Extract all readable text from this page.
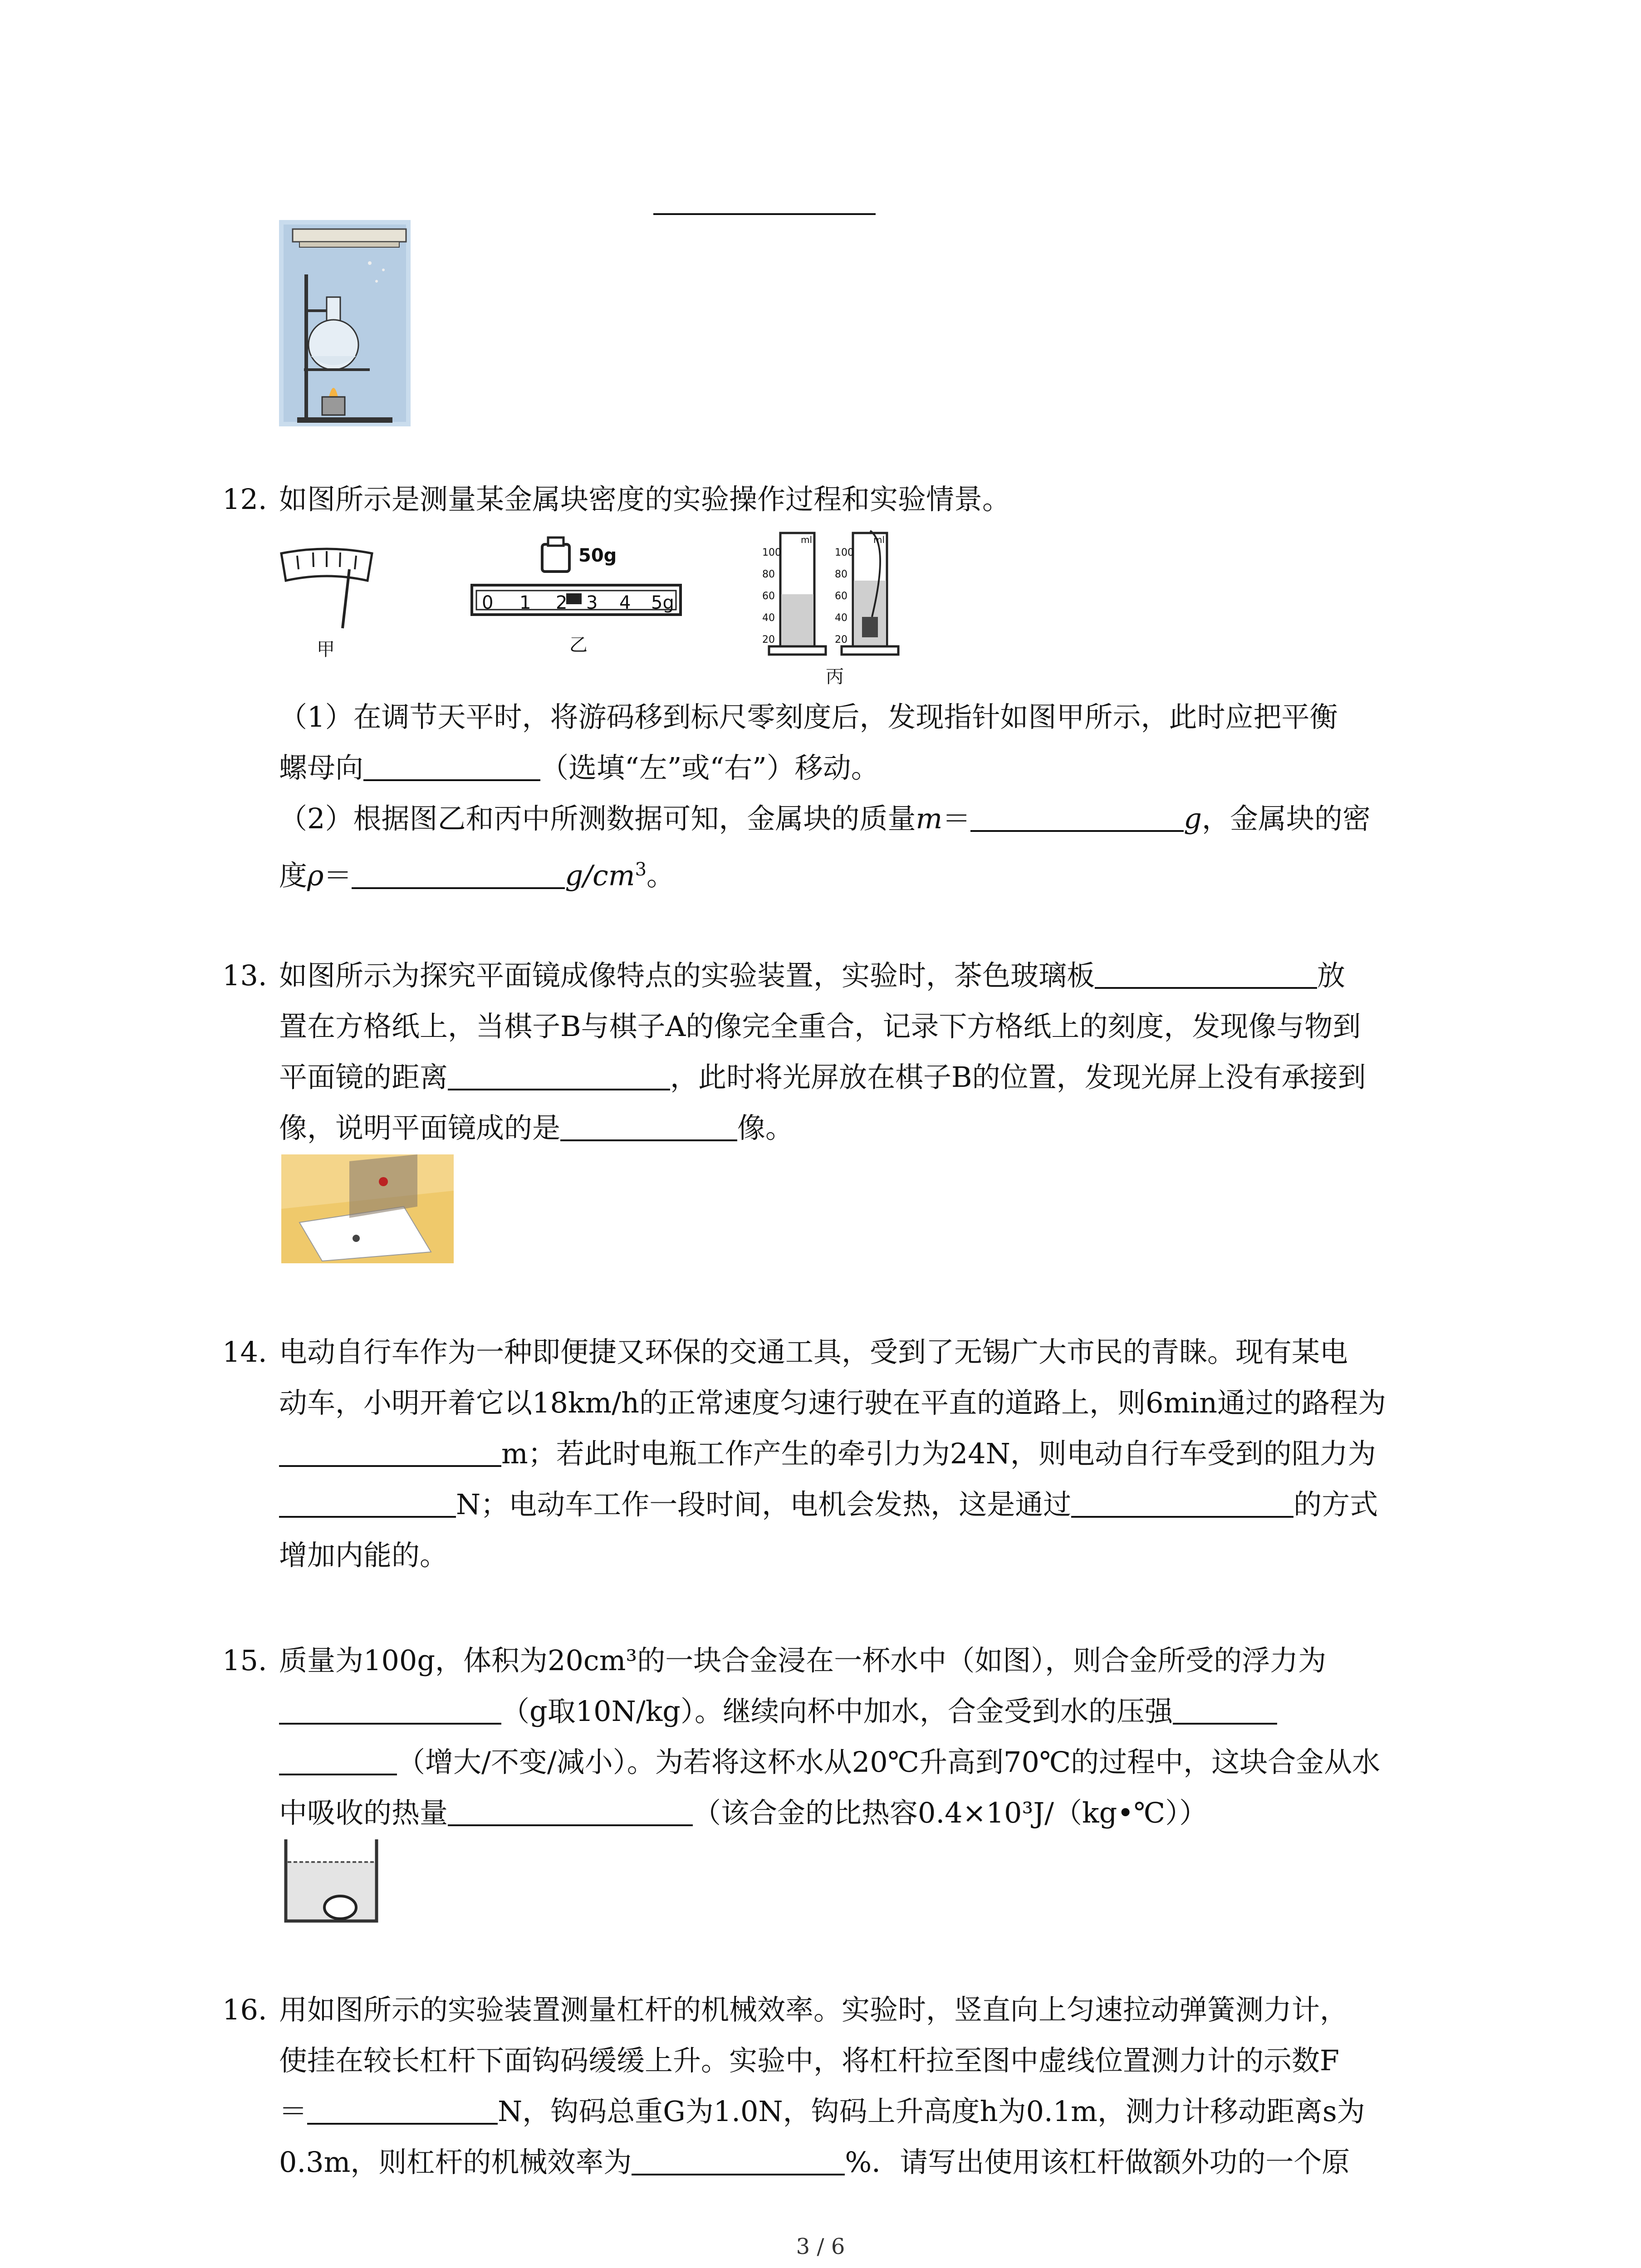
12. 如图所示是测量某金属块密度的实验操作过程和实验情景。
甲
50g
0 1 2 3 4 5g
乙
100
80
60
40
20
100
80
60
40
20
ml	ml
丙
（1）在调节天平时，将游码移到标尺零刻度后，发现指针如图甲所示，此时应把平衡
螺母向	（选填“左”或“右”）移动。
（2）根据图乙和丙中所测数据可知，金属块的质量m＝	g，金属块的密
度ρ＝	$g/cm^3$。
13. 如图所示为探究平面镜成像特点的实验装置，实验时，茶色玻璃板	放
置在方格纸上，当棋子B与棋子A的像完全重合，记录下方格纸上的刻度，发现像与物到
平面镜的距离	，此时将光屏放在棋子B的位置，发现光屏上没有承接到
像，说明平面镜成的是	像。
14. 电动自行车作为一种即便捷又环保的交通工具，受到了无锡广大市民的青睐。现有某电
动车，小明开着它以18km/h的正常速度匀速行驶在平直的道路上，则6min通过的路程为
m；若此时电瓶工作产生的牵引力为24N，则电动自行车受到的阻力为
N；电动车工作一段时间，电机会发热，这是通过	的方式
增加内能的。
15. 质量为100g，体积为20cm³的一块合金浸在一杯水中（如图），则合金所受的浮力为
（g取10N/kg）。继续向杯中加水，合金受到水的压强
（增大/不变/减小）。为若将这杯水从20℃升高到70℃的过程中，这块合金从水
中吸收的热量	（该合金的比热容0.4×10³J/（kg•℃））
16. 用如图所示的实验装置测量杠杆的机械效率。实验时，竖直向上匀速拉动弹簧测力计，
使挂在较长杠杆下面钩码缓缓上升。实验中，将杠杆拉至图中虚线位置测力计的示数F
＝	N，钩码总重G为1.0N，钩码上升高度h为0.1m，测力计移动距离s为
0.3m，则杠杆的机械效率为	%．请写出使用该杠杆做额外功的一个原
3 / 6
